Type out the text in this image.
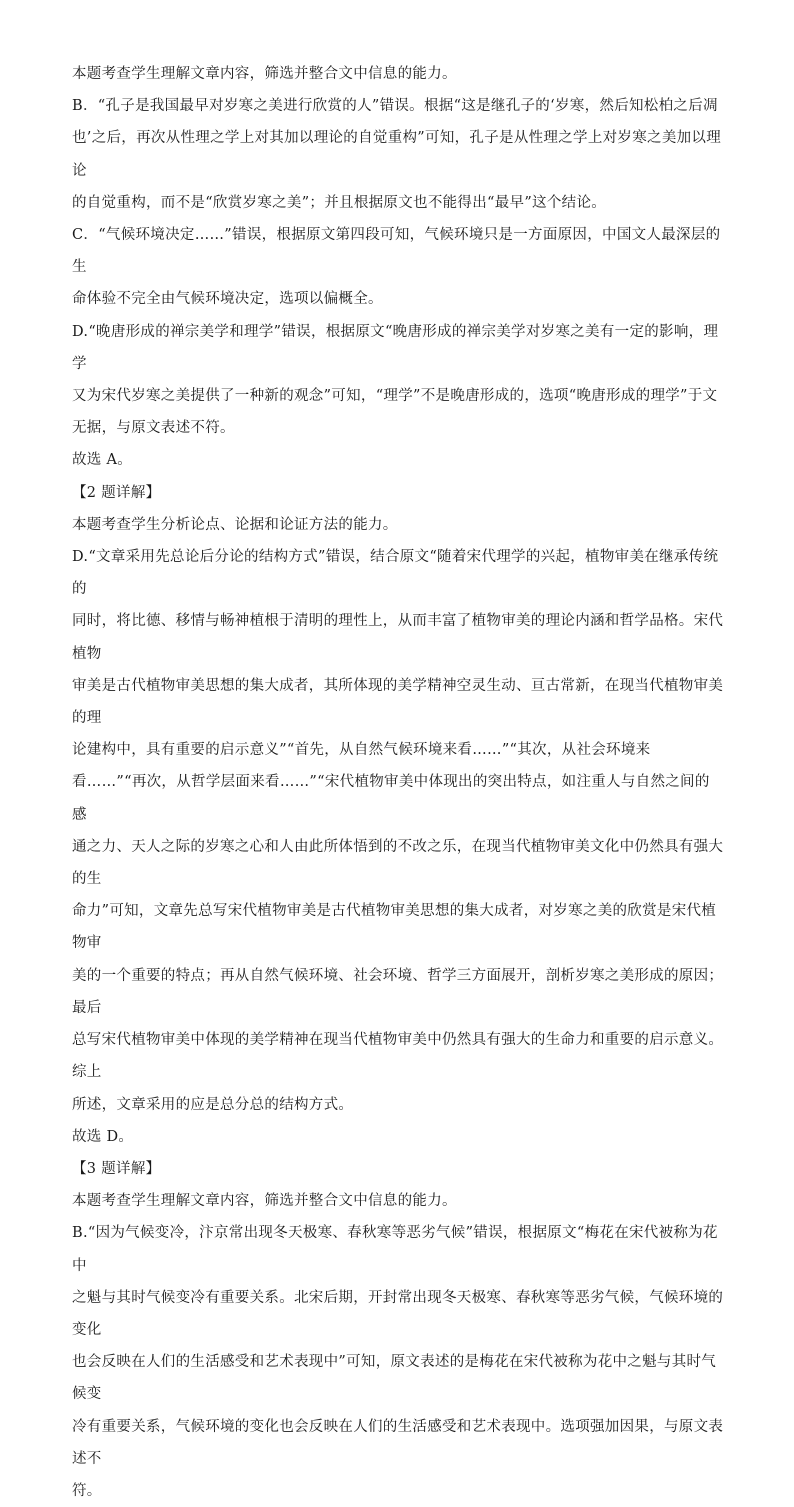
本题考查学生理解文章内容，筛选并整合文中信息的能力。
B．“孔子是我国最早对岁寒之美进行欣赏的人”错误。根据“这是继孔子的‘岁寒，然后知松柏之后凋
也’之后，再次从性理之学上对其加以理论的自觉重构”可知，孔子是从性理之学上对岁寒之美加以理论
的自觉重构，而不是“欣赏岁寒之美”；并且根据原文也不能得出“最早”这个结论。
C．“气候环境决定……”错误，根据原文第四段可知，气候环境只是一方面原因，中国文人最深层的生
命体验不完全由气候环境决定，选项以偏概全。
D.“晚唐形成的禅宗美学和理学”错误，根据原文“晚唐形成的禅宗美学对岁寒之美有一定的影响，理学
又为宋代岁寒之美提供了一种新的观念”可知，“理学”不是晚唐形成的，选项“晚唐形成的理学”于文
无据，与原文表述不符。
故选 A。
【2 题详解】
本题考查学生分析论点、论据和论证方法的能力。
D.“文章采用先总论后分论的结构方式”错误，结合原文“随着宋代理学的兴起，植物审美在继承传统的
同时，将比德、移情与畅神植根于清明的理性上，从而丰富了植物审美的理论内涵和哲学品格。宋代植物
审美是古代植物审美思想的集大成者，其所体现的美学精神空灵生动、亘古常新，在现当代植物审美的理
论建构中，具有重要的启示意义”“首先，从自然气候环境来看……”“其次，从社会环境来
看……”“再次，从哲学层面来看……”“宋代植物审美中体现出的突出特点，如注重人与自然之间的感
通之力、天人之际的岁寒之心和人由此所体悟到的不改之乐，在现当代植物审美文化中仍然具有强大的生
命力”可知，文章先总写宋代植物审美是古代植物审美思想的集大成者，对岁寒之美的欣赏是宋代植物审
美的一个重要的特点；再从自然气候环境、社会环境、哲学三方面展开，剖析岁寒之美形成的原因；最后
总写宋代植物审美中体现的美学精神在现当代植物审美中仍然具有强大的生命力和重要的启示意义。综上
所述，文章采用的应是总分总的结构方式。
故选 D。
【3 题详解】
本题考查学生理解文章内容，筛选并整合文中信息的能力。
B.“因为气候变冷，汴京常出现冬天极寒、春秋寒等恶劣气候”错误，根据原文“梅花在宋代被称为花中
之魁与其时气候变冷有重要关系。北宋后期，开封常出现冬天极寒、春秋寒等恶劣气候，气候环境的变化
也会反映在人们的生活感受和艺术表现中”可知，原文表述的是梅花在宋代被称为花中之魁与其时气候变
冷有重要关系，气候环境的变化也会反映在人们的生活感受和艺术表现中。选项强加因果，与原文表述不
符。
